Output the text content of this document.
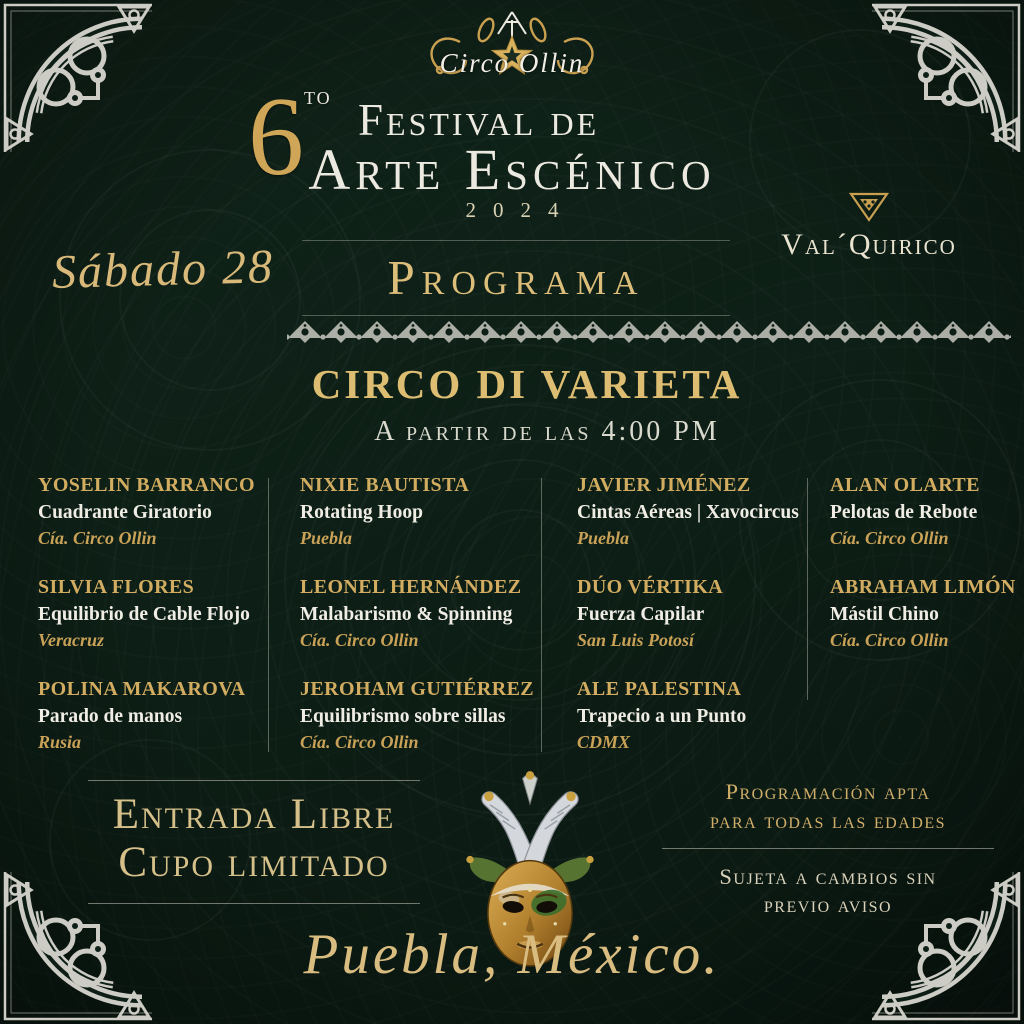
Circo Ollin
$6^{to}$ Festival de
Arte Escénico
2024
Sábado 28	Programa
Val´Quirico
CIRCO DI VARIETA
A partir de las 4:00 PM
YOSELIN BARRANCO
Cuadrante Giratorio
Cía. Circo Ollin
SILVIA FLORES
Equilibrio de Cable Flojo
Veracruz
POLINA MAKAROVA
Parado de manos
Rusia
NIXIE BAUTISTA
Rotating Hoop
Puebla
LEONEL HERNÁNDEZ
Malabarismo & Spinning
Cía. Circo Ollin
JEROHAM GUTIÉRREZ
Equilibrismo sobre sillas
Cía. Circo Ollin
JAVIER JIMÉNEZ
Cintas Aéreas | Xavocircus
Puebla
DÚO VÉRTIKA
Fuerza Capilar
San Luis Potosí
ALE PALESTINA
Trapecio a un Punto
CDMX
ALAN OLARTE
Pelotas de Rebote
Cía. Circo Ollin
ABRAHAM LIMÓN
Mástil Chino
Cía. Circo Ollin
Entrada Libre
Cupo limitado
Programación apta
para todas las edades
Sujeta a cambios sin
previo aviso
Puebla, México.
